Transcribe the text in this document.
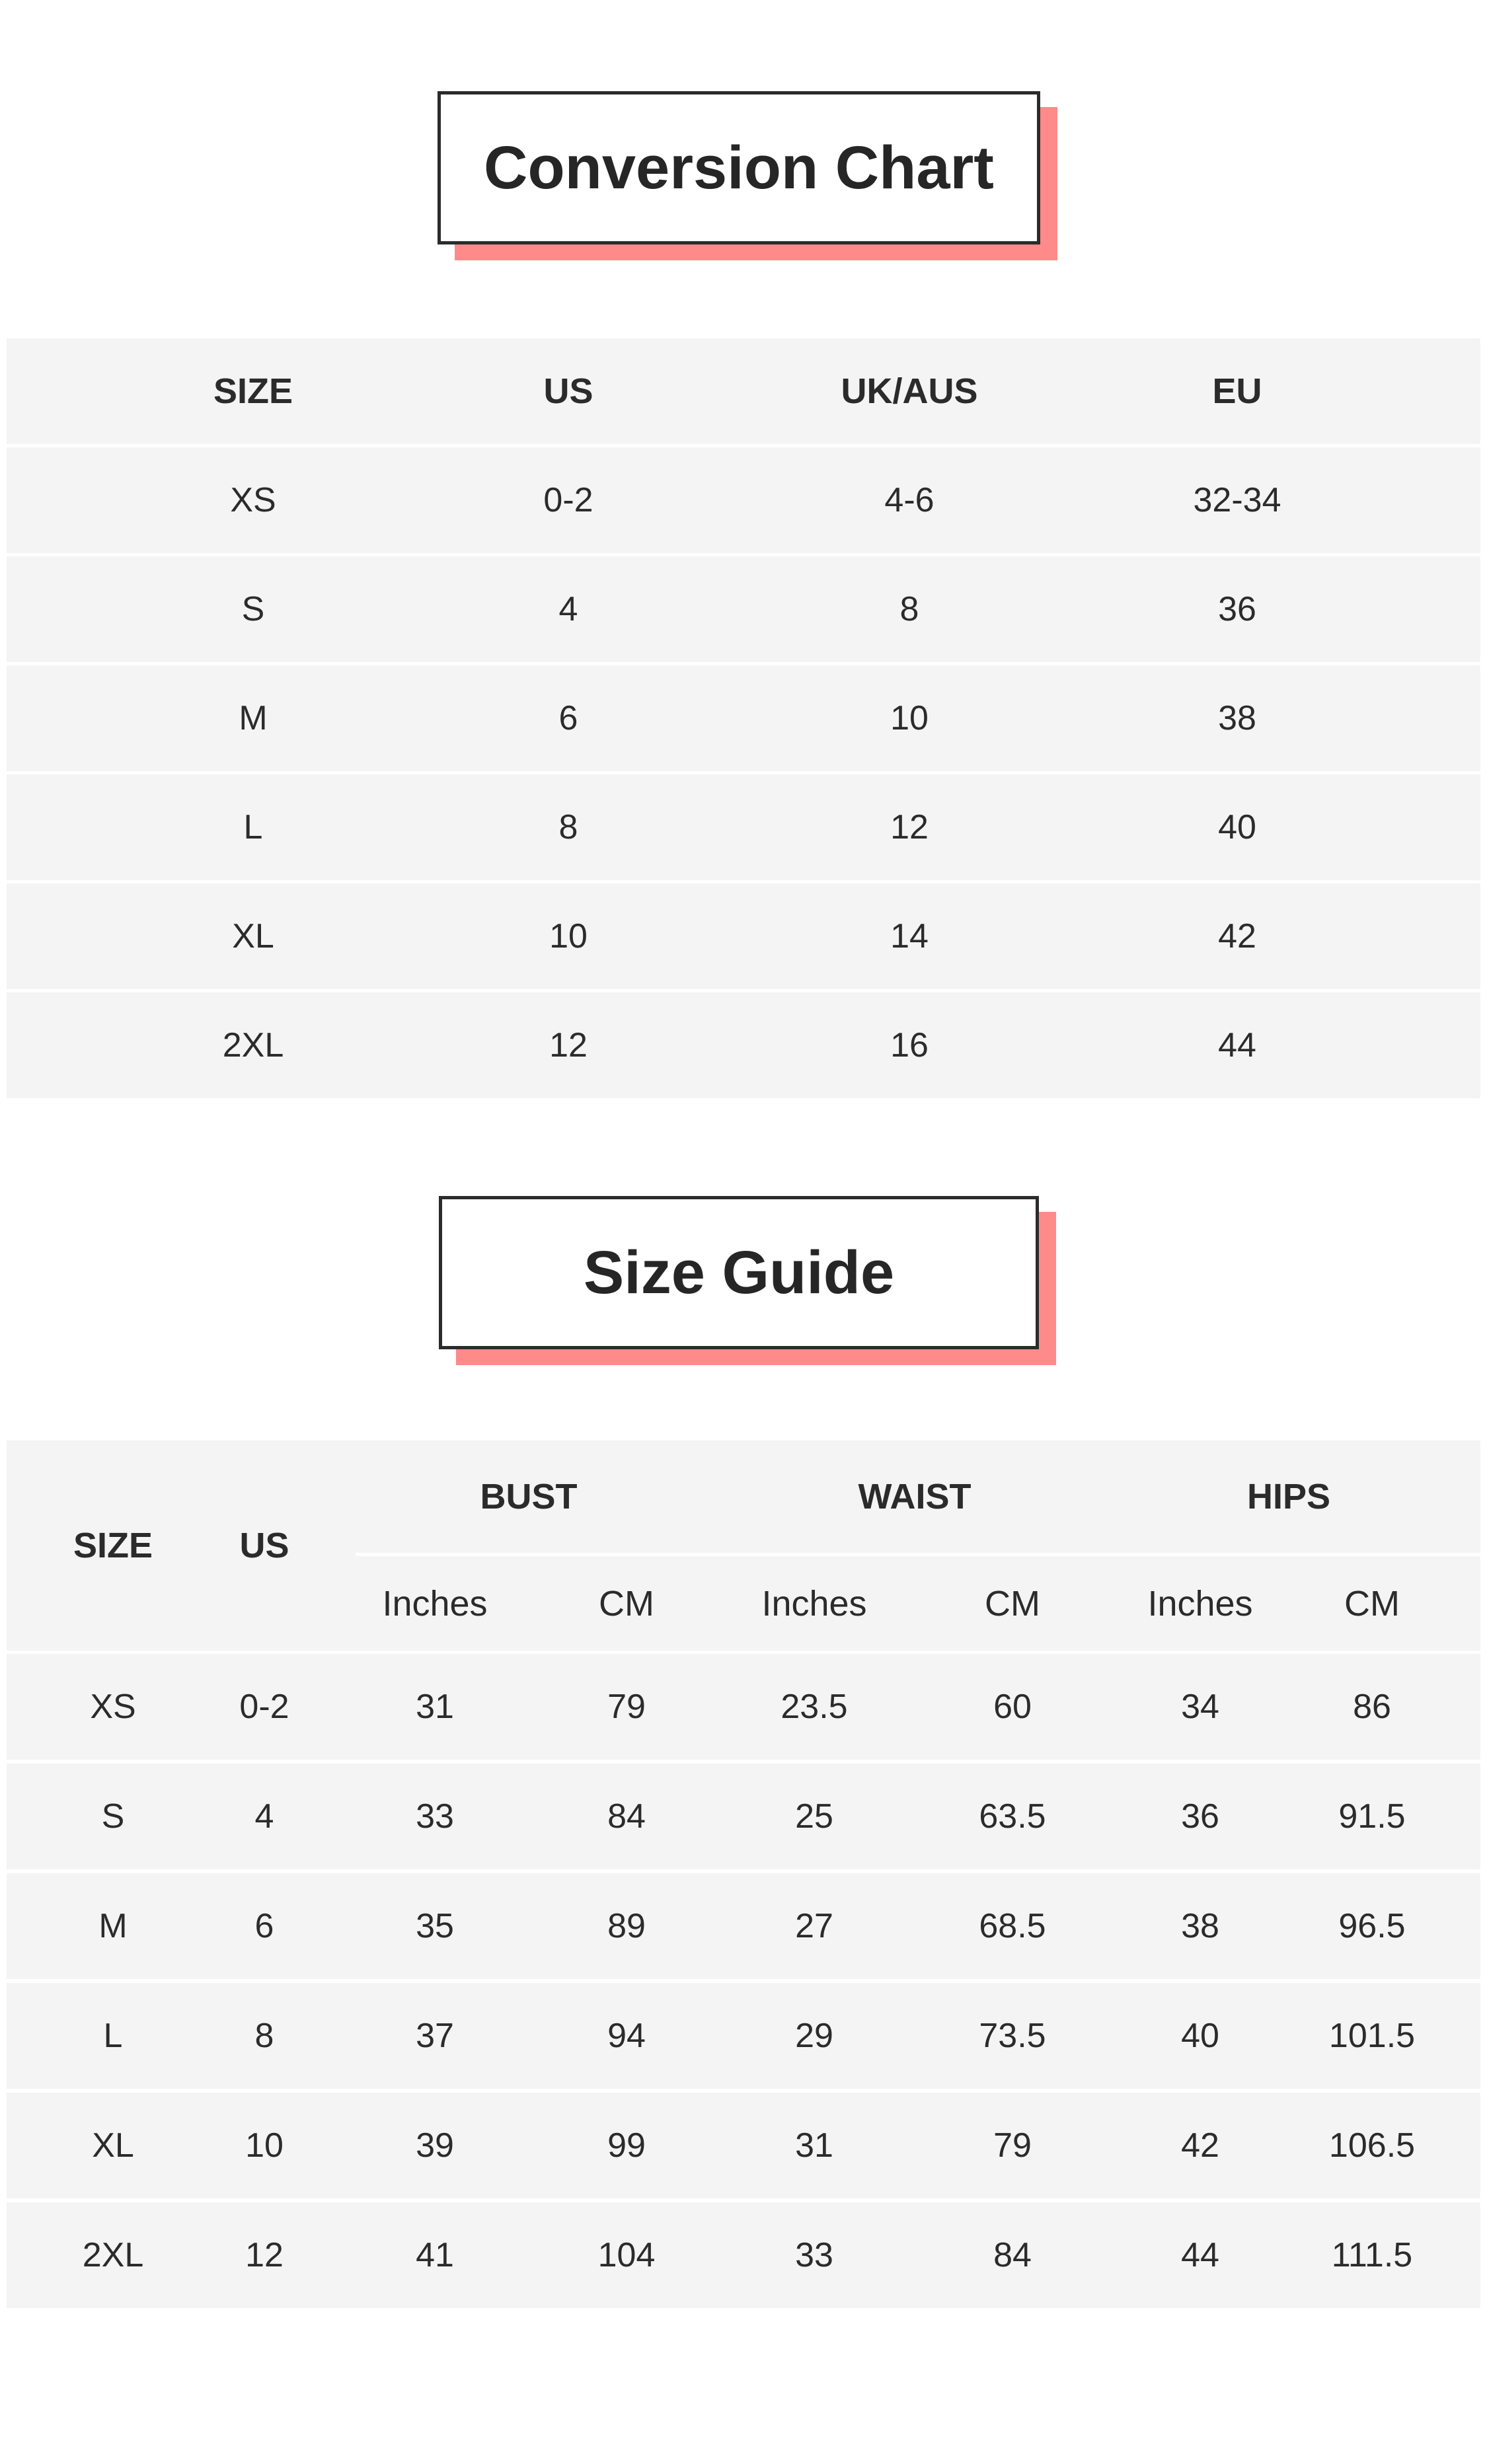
Conversion Chart
SIZE	US	UK/AUS	EU
XS	0-2	4-6	32-34
S	4	8	36
M	6	10	38
L	8	12	40
XL	10	14	42
2XL	12	16	44
Size Guide
SIZE US
BUST	WAIST	HIPS
Inches	CM	Inches	CM	Inches	CM
XS	0-2	31	79	23.5	60	34	86
S	4	33	84	25	63.5	36	91.5
M	6	35	89	27	68.5	38	96.5
L	8	37	94	29	73.5	40	101.5
XL	10	39	99	31	79	42	106.5
2XL	12	41	104	33	84	44	111.5
